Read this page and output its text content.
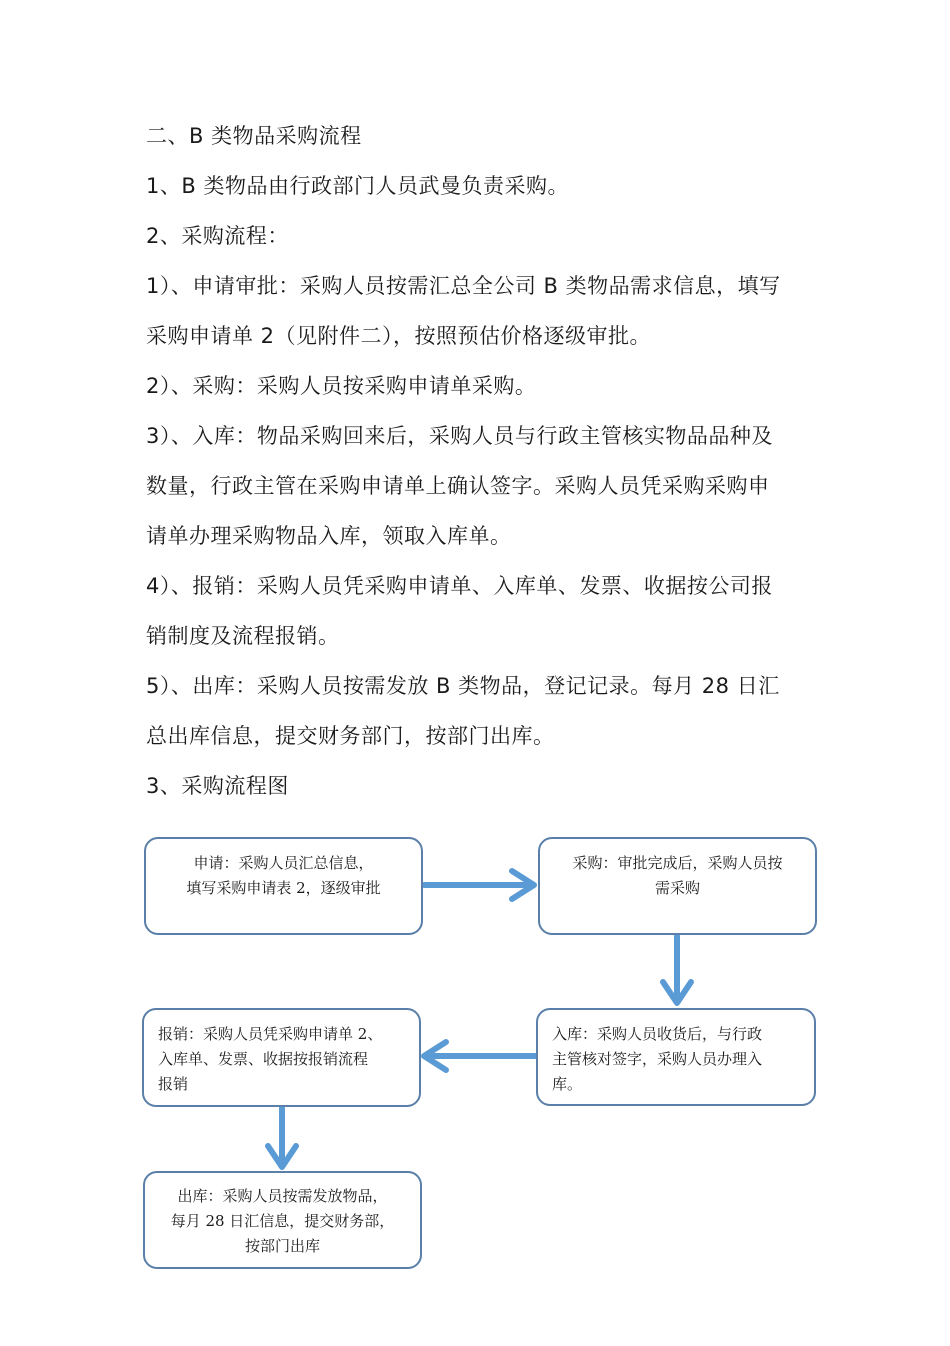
二、B 类物品采购流程
1、B 类物品由行政部门人员武曼负责采购。
2、采购流程：
1）、申请审批：采购人员按需汇总全公司 B 类物品需求信息，填写
采购申请单 2（见附件二），按照预估价格逐级审批。
2）、采购：采购人员按采购申请单采购。
3）、入库：物品采购回来后，采购人员与行政主管核实物品品种及
数量，行政主管在采购申请单上确认签字。采购人员凭采购采购申
请单办理采购物品入库，领取入库单。
4）、报销：采购人员凭采购申请单、入库单、发票、收据按公司报
销制度及流程报销。
5）、出库：采购人员按需发放 B 类物品，登记记录。每月 28 日汇
总出库信息，提交财务部门，按部门出库。
3、采购流程图
申请：采购人员汇总信息，
填写采购申请表 2，逐级审批
采购：审批完成后，采购人员按
需采购
入库：采购人员收货后，与行政
主管核对签字，采购人员办理入
库。
报销：采购人员凭采购申请单 2、
入库单、发票、收据按报销流程
报销
出库：采购人员按需发放物品，
每月 28 日汇信息，提交财务部，
按部门出库
